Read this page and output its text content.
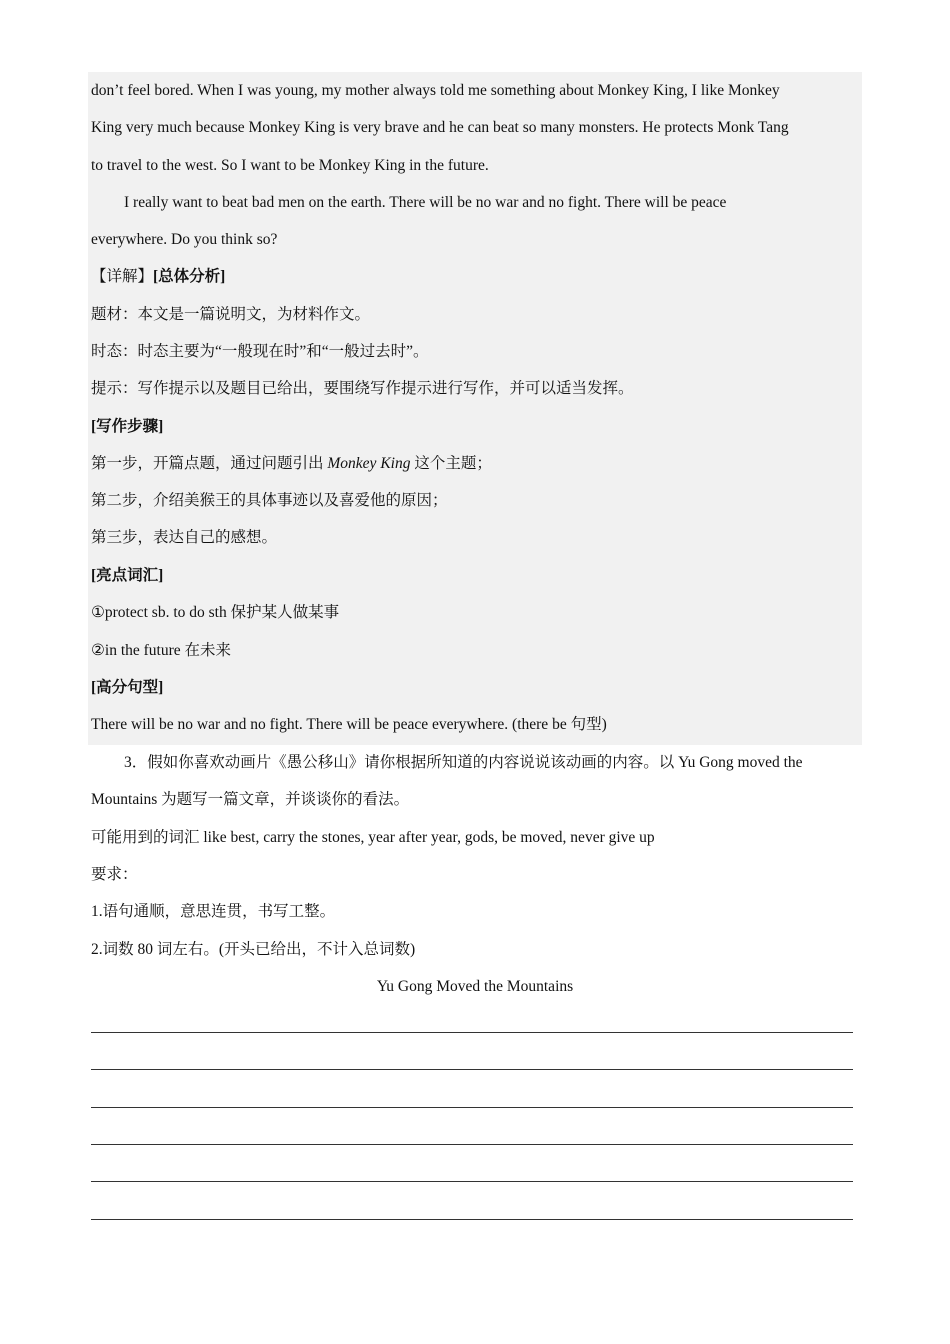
don’t feel bored. When I was young, my mother always told me something about Monkey King, I like Monkey
King very much because Monkey King is very brave and he can beat so many monsters. He protects Monk Tang
to travel to the west. So I want to be Monkey King in the future.
I really want to beat bad men on the earth. There will be no war and no fight. There will be peace
everywhere. Do you think so?
【详解】[总体分析]
题材：本文是一篇说明文，为材料作文。
时态：时态主要为“一般现在时”和“一般过去时”。
提示：写作提示以及题目已给出，要围绕写作提示进行写作，并可以适当发挥。
[写作步骤]
第一步，开篇点题，通过问题引出 Monkey King 这个主题；
第二步，介绍美猴王的具体事迹以及喜爱他的原因；
第三步，表达自己的感想。
[亮点词汇]
①protect sb. to do sth 保护某人做某事
②in the future 在未来
[高分句型]
There will be no war and no fight. There will be peace everywhere. (there be 句型)
3．假如你喜欢动画片《愚公移山》请你根据所知道的内容说说该动画的内容。以 Yu Gong moved the
Mountains 为题写一篇文章，并谈谈你的看法。
可能用到的词汇 like best, carry the stones, year after year, gods, be moved, never give up
要求：
1.语句通顺，意思连贯，书写工整。
2.词数 80 词左右。(开头已给出，不计入总词数)
Yu Gong Moved the Mountains
